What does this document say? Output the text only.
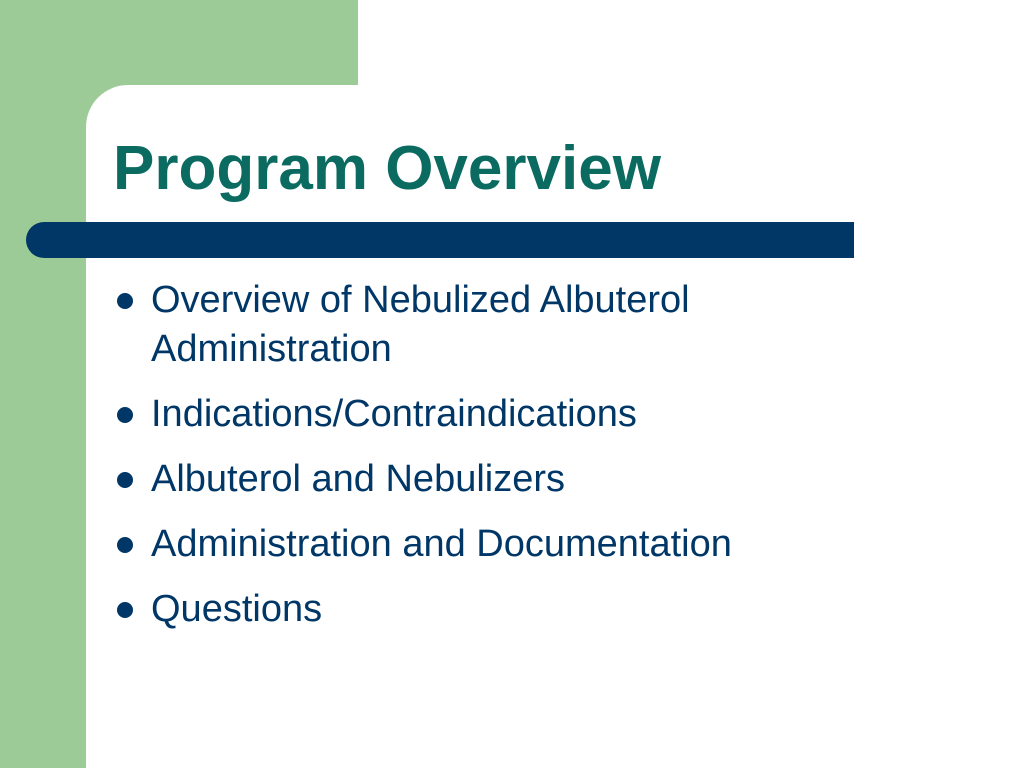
Program Overview
Overview of Nebulized Albuterol Administration
Indications/Contraindications
Albuterol and Nebulizers
Administration and Documentation
Questions
